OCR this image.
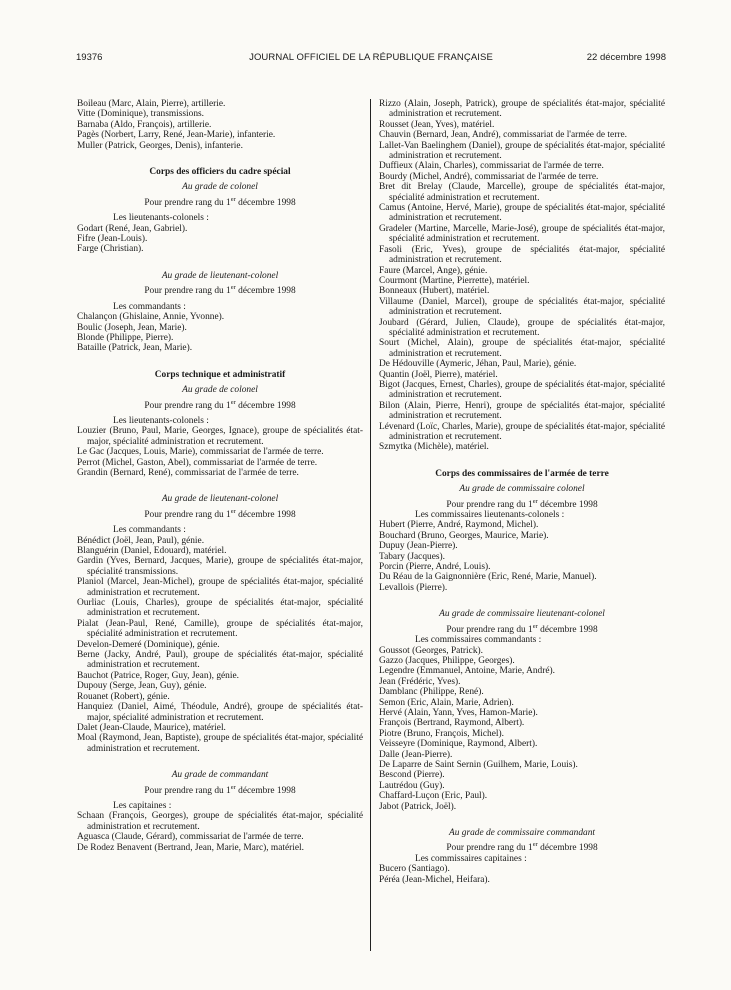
19376	JOURNAL OFFICIEL DE LA RÉPUBLIQUE FRANÇAISE	22 décembre 1998

Boileau (Marc, Alain, Pierre), artillerie.

Vitte (Dominique), transmissions.

Barnaba (Aldo, François), artillerie.

Pagès (Norbert, Larry, René, Jean-Marie), infanterie.

Muller (Patrick, Georges, Denis), infanterie.

Corps des officiers du cadre spécial

Au grade de colonel

Pour prendre rang du 1er décembre 1998

Les lieutenants-colonels :

Godart (René, Jean, Gabriel).

Fifre (Jean-Louis).

Farge (Christian).

Au grade de lieutenant-colonel

Pour prendre rang du 1er décembre 1998

Les commandants :

Chalançon (Ghislaine, Annie, Yvonne).

Boulic (Joseph, Jean, Marie).

Blonde (Philippe, Pierre).

Bataille (Patrick, Jean, Marie).

Corps technique et administratif

Au grade de colonel

Pour prendre rang du 1er décembre 1998

Les lieutenants-colonels :

Louzier (Bruno, Paul, Marie, Georges, Ignace), groupe de spécialités état-major, spécialité administration et recrutement.

Le Gac (Jacques, Louis, Marie), commissariat de l'armée de terre.

Perrot (Michel, Gaston, Abel), commissariat de l'armée de terre.

Grandin (Bernard, René), commissariat de l'armée de terre.

Au grade de lieutenant-colonel

Pour prendre rang du 1er décembre 1998

Les commandants :

Bénédict (Joël, Jean, Paul), génie.

Blanguérin (Daniel, Edouard), matériel.

Gardin (Yves, Bernard, Jacques, Marie), groupe de spécialités état-major, spécialité transmissions.

Planiol (Marcel, Jean-Michel), groupe de spécialités état-major, spécialité administration et recrutement.

Ourliac (Louis, Charles), groupe de spécialités état-major, spécialité administration et recrutement.

Pialat (Jean-Paul, René, Camille), groupe de spécialités état-major, spécialité administration et recrutement.

Develon-Demeré (Dominique), génie.

Berne (Jacky, André, Paul), groupe de spécialités état-major, spécialité administration et recrutement.

Bauchot (Patrice, Roger, Guy, Jean), génie.

Dupouy (Serge, Jean, Guy), génie.

Rouanet (Robert), génie.

Hanquiez (Daniel, Aimé, Théodule, André), groupe de spécialités état-major, spécialité administration et recrutement.

Dalet (Jean-Claude, Maurice), matériel.

Moal (Raymond, Jean, Baptiste), groupe de spécialités état-major, spécialité administration et recrutement.

Au grade de commandant

Pour prendre rang du 1er décembre 1998

Les capitaines :

Schaan (François, Georges), groupe de spécialités état-major, spécialité administration et recrutement.

Aguasca (Claude, Gérard), commissariat de l'armée de terre.

De Rodez Benavent (Bertrand, Jean, Marie, Marc), matériel.

Rizzo (Alain, Joseph, Patrick), groupe de spécialités état-major, spécialité administration et recrutement.

Rousset (Jean, Yves), matériel.

Chauvin (Bernard, Jean, André), commissariat de l'armée de terre.

Lallet-Van Baelinghem (Daniel), groupe de spécialités état-major, spécialité administration et recrutement.

Duffieux (Alain, Charles), commissariat de l'armée de terre.

Bourdy (Michel, André), commissariat de l'armée de terre.

Bret dit Brelay (Claude, Marcelle), groupe de spécialités état-major, spécialité administration et recrutement.

Camus (Antoine, Hervé, Marie), groupe de spécialités état-major, spécialité administration et recrutement.

Gradeler (Martine, Marcelle, Marie-José), groupe de spécialités état-major, spécialité administration et recrutement.

Fasoli (Eric, Yves), groupe de spécialités état-major, spécialité administration et recrutement.

Faure (Marcel, Ange), génie.

Courmont (Martine, Pierrette), matériel.

Bonneaux (Hubert), matériel.

Villaume (Daniel, Marcel), groupe de spécialités état-major, spécialité administration et recrutement.

Joubard (Gérard, Julien, Claude), groupe de spécialités état-major, spécialité administration et recrutement.

Sourt (Michel, Alain), groupe de spécialités état-major, spécialité administration et recrutement.

De Hédouville (Aymeric, Jéhan, Paul, Marie), génie.

Quantin (Joël, Pierre), matériel.

Bigot (Jacques, Ernest, Charles), groupe de spécialités état-major, spécialité administration et recrutement.

Bilon (Alain, Pierre, Henri), groupe de spécialités état-major, spécialité administration et recrutement.

Lévenard (Loïc, Charles, Marie), groupe de spécialités état-major, spécialité administration et recrutement.

Szmytka (Michèle), matériel.

Corps des commissaires de l'armée de terre

Au grade de commissaire colonel

Pour prendre rang du 1er décembre 1998

Les commissaires lieutenants-colonels :

Hubert (Pierre, André, Raymond, Michel).

Bouchard (Bruno, Georges, Maurice, Marie).

Dupuy (Jean-Pierre).

Tabary (Jacques).

Porcin (Pierre, André, Louis).

Du Réau de la Gaignonnière (Eric, René, Marie, Manuel).

Levallois (Pierre).

Au grade de commissaire lieutenant-colonel

Pour prendre rang du 1er décembre 1998

Les commissaires commandants :

Goussot (Georges, Patrick).

Gazzo (Jacques, Philippe, Georges).

Legendre (Emmanuel, Antoine, Marie, André).

Jean (Frédéric, Yves).

Damblanc (Philippe, René).

Semon (Eric, Alain, Marie, Adrien).

Hervé (Alain, Yann, Yves, Hamon-Marie).

François (Bertrand, Raymond, Albert).

Piotre (Bruno, François, Michel).

Veisseyre (Dominique, Raymond, Albert).

Dalle (Jean-Pierre).

De Laparre de Saint Sernin (Guilhem, Marie, Louis).

Bescond (Pierre).

Lautrédou (Guy).

Chaffard-Luçon (Eric, Paul).

Jabot (Patrick, Joël).

Au grade de commissaire commandant

Pour prendre rang du 1er décembre 1998

Les commissaires capitaines :

Bucero (Santiago).

Péréa (Jean-Michel, Heifara).
